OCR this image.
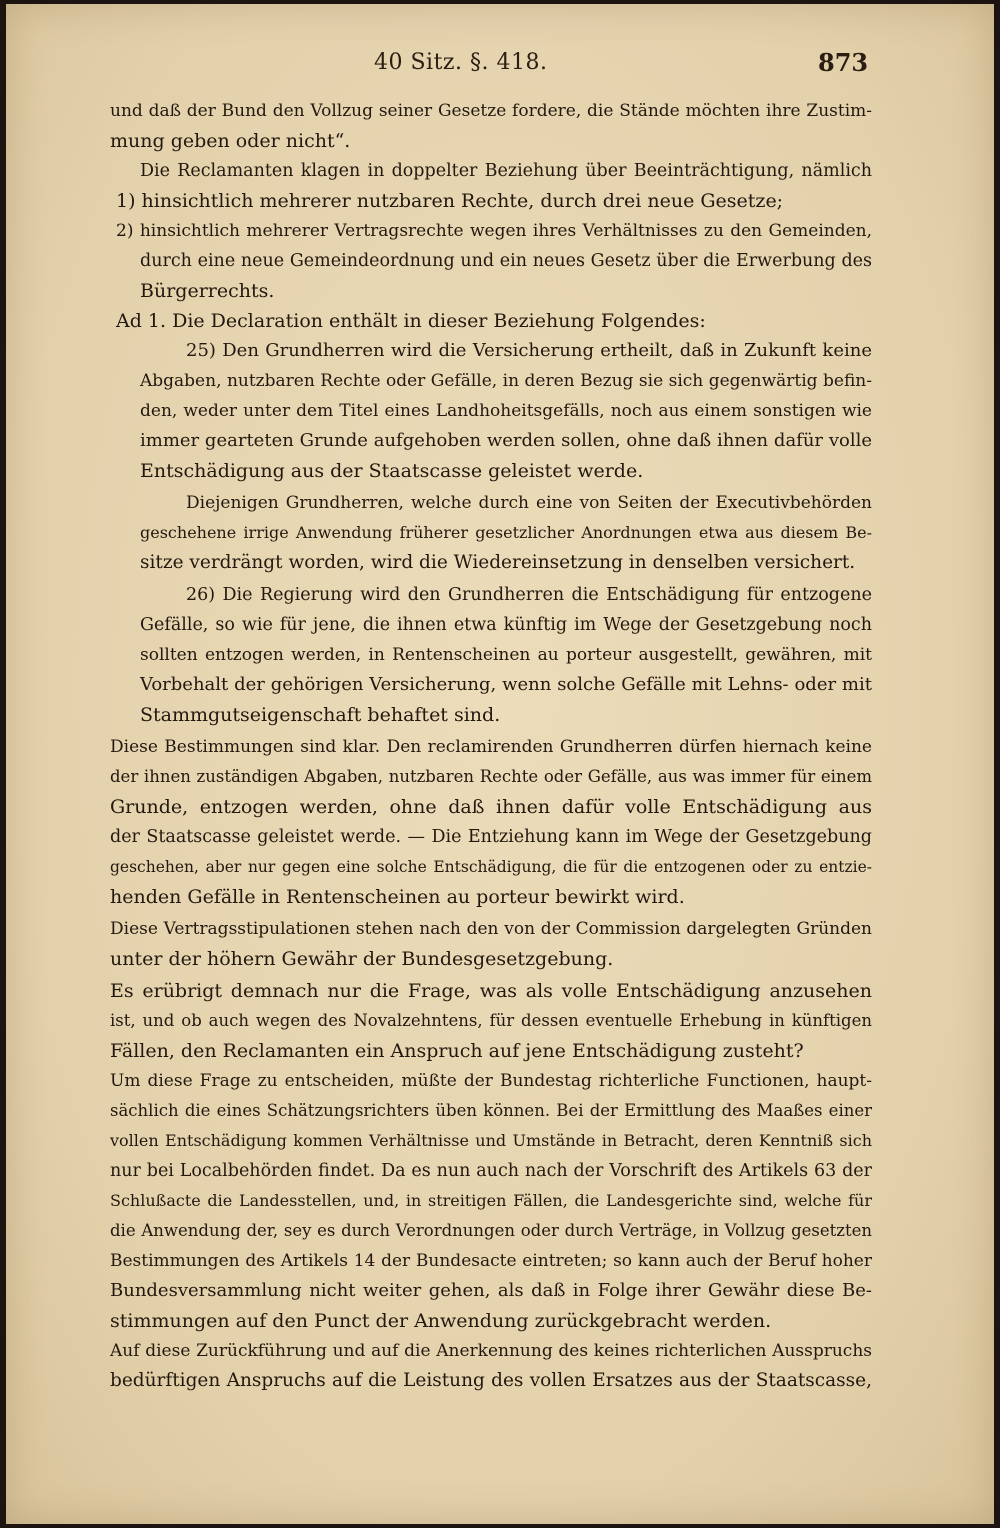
40 Sitz. §. 418.	873
und daß der Bund den Vollzug seiner Gesetze fordere, die Stände möchten ihre Zustim-
mung geben oder nicht“.
Die Reclamanten klagen in doppelter Beziehung über Beeinträchtigung, nämlich
1) hinsichtlich mehrerer nutzbaren Rechte, durch drei neue Gesetze;
2) hinsichtlich mehrerer Vertragsrechte wegen ihres Verhältnisses zu den Gemeinden,
durch eine neue Gemeindeordnung und ein neues Gesetz über die Erwerbung des
Bürgerrechts.
Ad 1. Die Declaration enthält in dieser Beziehung Folgendes:
25) Den Grundherren wird die Versicherung ertheilt, daß in Zukunft keine
Abgaben, nutzbaren Rechte oder Gefälle, in deren Bezug sie sich gegenwärtig befin-
den, weder unter dem Titel eines Landhoheitsgefälls, noch aus einem sonstigen wie
immer gearteten Grunde aufgehoben werden sollen, ohne daß ihnen dafür volle
Entschädigung aus der Staatscasse geleistet werde.
Diejenigen Grundherren, welche durch eine von Seiten der Executivbehörden
geschehene irrige Anwendung früherer gesetzlicher Anordnungen etwa aus diesem Be-
sitze verdrängt worden, wird die Wiedereinsetzung in denselben versichert.
26) Die Regierung wird den Grundherren die Entschädigung für entzogene
Gefälle, so wie für jene, die ihnen etwa künftig im Wege der Gesetzgebung noch
sollten entzogen werden, in Rentenscheinen au porteur ausgestellt, gewähren, mit
Vorbehalt der gehörigen Versicherung, wenn solche Gefälle mit Lehns- oder mit
Stammgutseigenschaft behaftet sind.
Diese Bestimmungen sind klar. Den reclamirenden Grundherren dürfen hiernach keine
der ihnen zuständigen Abgaben, nutzbaren Rechte oder Gefälle, aus was immer für einem
Grunde, entzogen werden, ohne daß ihnen dafür volle Entschädigung aus
der Staatscasse geleistet werde. — Die Entziehung kann im Wege der Gesetzgebung
geschehen, aber nur gegen eine solche Entschädigung, die für die entzogenen oder zu entzie-
henden Gefälle in Rentenscheinen au porteur bewirkt wird.
Diese Vertragsstipulationen stehen nach den von der Commission dargelegten Gründen
unter der höhern Gewähr der Bundesgesetzgebung.
Es erübrigt demnach nur die Frage, was als volle Entschädigung anzusehen
ist, und ob auch wegen des Novalzehntens, für dessen eventuelle Erhebung in künftigen
Fällen, den Reclamanten ein Anspruch auf jene Entschädigung zusteht?
Um diese Frage zu entscheiden, müßte der Bundestag richterliche Functionen, haupt-
sächlich die eines Schätzungsrichters üben können. Bei der Ermittlung des Maaßes einer
vollen Entschädigung kommen Verhältnisse und Umstände in Betracht, deren Kenntniß sich
nur bei Localbehörden findet. Da es nun auch nach der Vorschrift des Artikels 63 der
Schlußacte die Landesstellen, und, in streitigen Fällen, die Landesgerichte sind, welche für
die Anwendung der, sey es durch Verordnungen oder durch Verträge, in Vollzug gesetzten
Bestimmungen des Artikels 14 der Bundesacte eintreten; so kann auch der Beruf hoher
Bundesversammlung nicht weiter gehen, als daß in Folge ihrer Gewähr diese Be-
stimmungen auf den Punct der Anwendung zurückgebracht werden.
Auf diese Zurückführung und auf die Anerkennung des keines richterlichen Ausspruchs
bedürftigen Anspruchs auf die Leistung des vollen Ersatzes aus der Staatscasse,
